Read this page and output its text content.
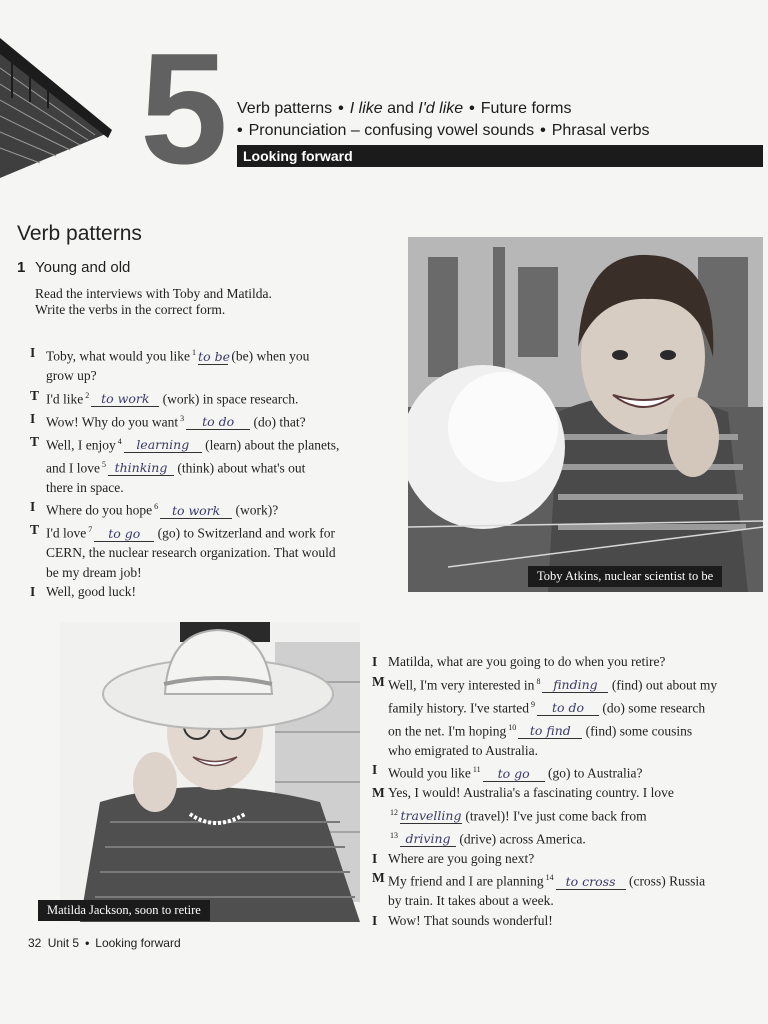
5 Verb patterns • I like and I'd like • Future forms
• Pronunciation – confusing vowel sounds • Phrasal verbs
Looking forward
Verb patterns
1 Young and old
Read the interviews with Toby and Matilda.
Write the verbs in the correct form.
I Toby, what would you like $^1$ to be (be) when you
grow up?
T I'd like $^2$ to work (work) in space research.
I Wow! Why do you want $^3$ to do (do) that?
T Well, I enjoy $^4$ learning (learn) about the planets,
and I love $^5$ thinking (think) about what's out
there in space.
I Where do you hope $^6$ to work (work)?
T I'd love $^7$ to go (go) to Switzerland and work for
CERN, the nuclear research organization. That would
be my dream job!
I Well, good luck!
Toby Atkins, nuclear scientist to be
Matilda Jackson, soon to retire
I Matilda, what are you going to do when you retire?
M Well, I'm very interested in $^8$ finding (find) out about my
family history. I've started $^9$ to do (do) some research
on the net. I'm hoping $^{10}$ to find (find) some cousins
who emigrated to Australia.
I Would you like $^{11}$ to go (go) to Australia?
M Yes, I would! Australia's a fascinating country. I love
$^{12}$ travelling (travel)! I've just come back from
$^{13}$ driving (drive) across America.
I Where are you going next?
M My friend and I are planning $^{14}$ to cross (cross) Russia
by train. It takes about a week.
I Wow! That sounds wonderful!
32 Unit 5 • Looking forward
